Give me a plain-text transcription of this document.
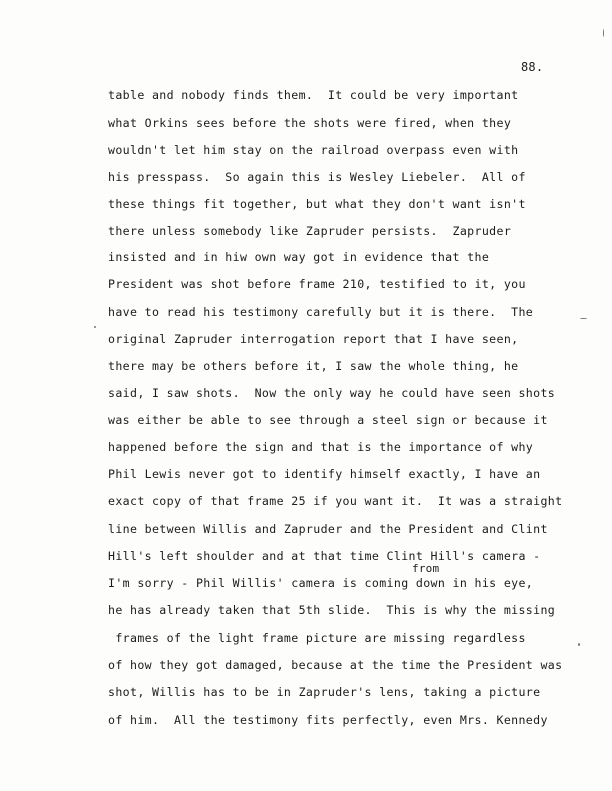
88.
table and nobody finds them.  It could be very important
what Orkins sees before the shots were fired, when they
wouldn't let him stay on the railroad overpass even with
his presspass.  So again this is Wesley Liebeler.  All of
these things fit together, but what they don't want isn't
there unless somebody like Zapruder persists.  Zapruder
insisted and in hiw own way got in evidence that the
President was shot before frame 210, testified to it, you
have to read his testimony carefully but it is there.  The
original Zapruder interrogation report that I have seen,
there may be others before it, I saw the whole thing, he
said, I saw shots.  Now the only way he could have seen shots
was either be able to see through a steel sign or because it
happened before the sign and that is the importance of why
Phil Lewis never got to identify himself exactly, I have an
exact copy of that frame 25 if you want it.  It was a straight
line between Willis and Zapruder and the President and Clint
Hill's left shoulder and at that time Clint Hill's camera -
from
I'm sorry - Phil Willis' camera is coming down in his eye,
he has already taken that 5th slide.  This is why the missing
frames of the light frame picture are missing regardless
of how they got damaged, because at the time the President was
shot, Willis has to be in Zapruder's lens, taking a picture
of him.  All the testimony fits perfectly, even Mrs. Kennedy
